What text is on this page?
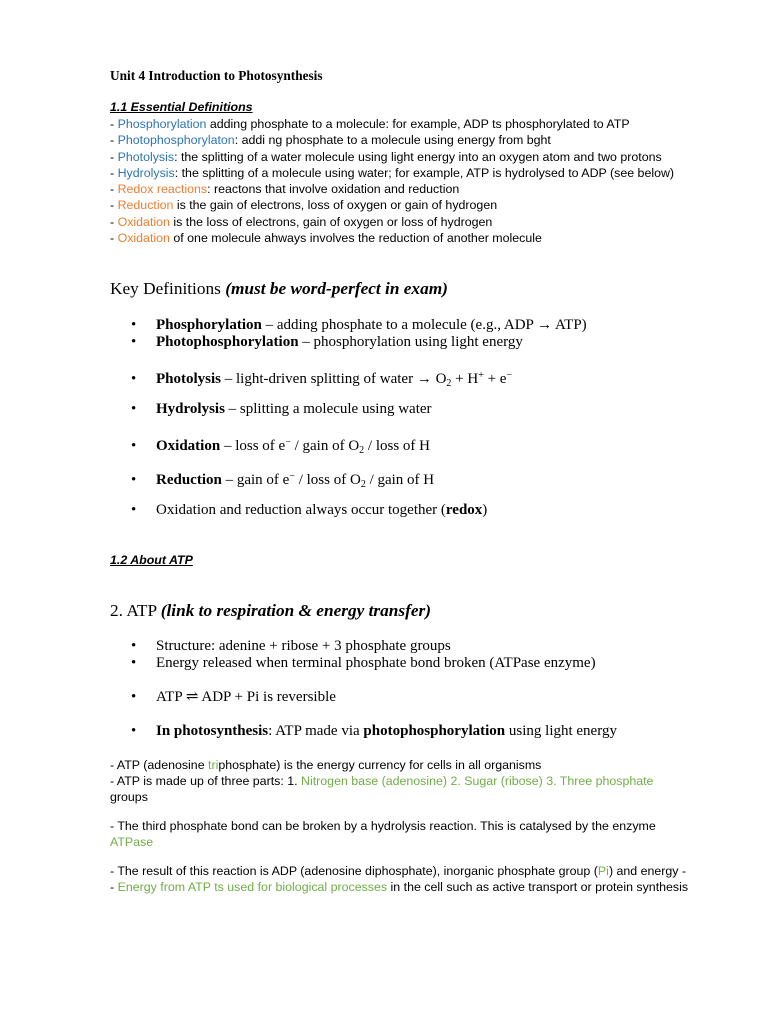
Unit 4 Introduction to Photosynthesis
1.1 Essential Definitions
- Phosphorylation adding phosphate to a molecule: for example, ADP ts phosphorylated to ATP
- Photophosphorylaton: addi ng phosphate to a molecule using energy from bght
- Photolysis: the splitting of a water molecule using light energy into an oxygen atom and two protons
- Hydrolysis: the splitting of a molecule using water; for example, ATP is hydrolysed to ADP (see below)
- Redox reactions: reactons that involve oxidation and reduction
- Reduction is the gain of electrons, loss of oxygen or gain of hydrogen
- Oxidation is the loss of electrons, gain of oxygen or loss of hydrogen
- Oxidation of one molecule ahways involves the reduction of another molecule
Key Definitions (must be word-perfect in exam)
• Phosphorylation – adding phosphate to a molecule (e.g., ADP → ATP)
• Photophosphorylation – phosphorylation using light energy
• Photolysis – light-driven splitting of water → $O_2 + H^+ + e^-$
• Hydrolysis – splitting a molecule using water
• Oxidation – loss of e− / gain of $O_2$ / loss of H
• Reduction – gain of e− / loss of $O_2$ / gain of H
• Oxidation and reduction always occur together (redox)
1.2 About ATP
2. ATP (link to respiration & energy transfer)
• Structure: adenine + ribose + 3 phosphate groups
• Energy released when terminal phosphate bond broken (ATPase enzyme)
• ATP ⇌ ADP + Pi is reversible
• In photosynthesis: ATP made via photophosphorylation using light energy
- ATP (adenosine triphosphate) is the energy currency for cells in all organisms
- ATP is made up of three parts: 1. Nitrogen base (adenosine) 2. Sugar (ribose) 3. Three phosphate
groups
- The third phosphate bond can be broken by a hydrolysis reaction. This is catalysed by the enzyme
ATPase
- The result of this reaction is ADP (adenosine diphosphate), inorganic phosphate group (Pi) and energy -
- Energy from ATP ts used for biological processes in the cell such as active transport or protein synthesis
